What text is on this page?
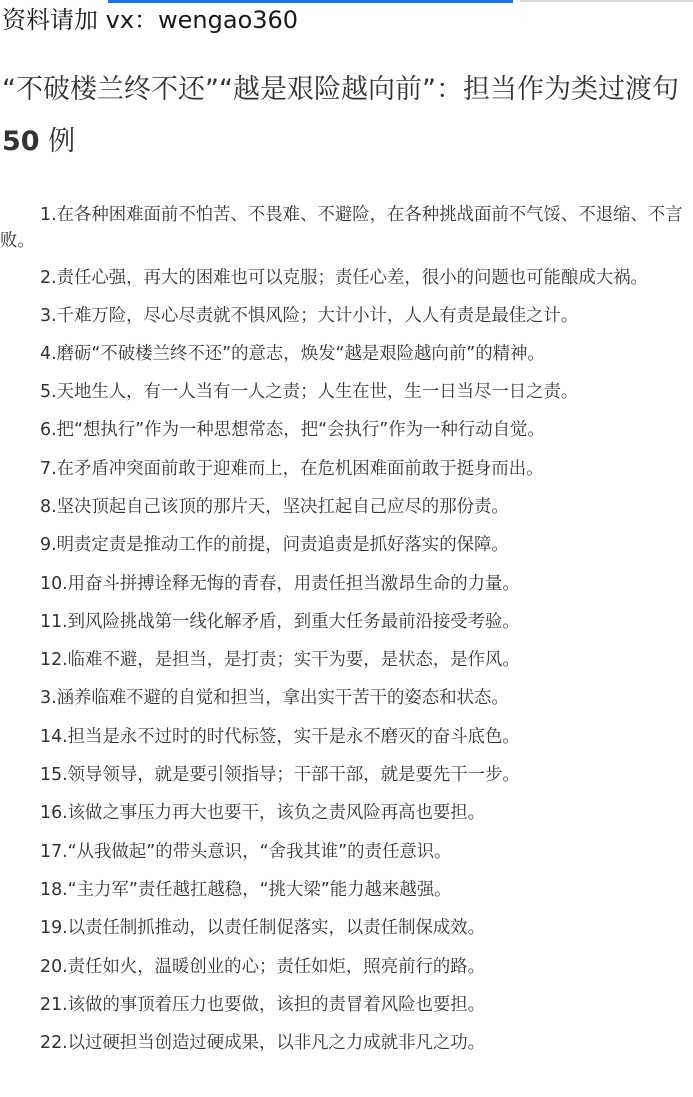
资料请加 vx：wengao360
“不破楼兰终不还”“越是艰险越向前”：担当作为类过渡句50 例

1.在各种困难面前不怕苦、不畏难、不避险，在各种挑战面前不气馁、不退缩、不言败。

2.责任心强，再大的困难也可以克服；责任心差，很小的问题也可能酿成大祸。

3.千难万险，尽心尽责就不惧风险；大计小计，人人有责是最佳之计。

4.磨砺“不破楼兰终不还”的意志，焕发“越是艰险越向前”的精神。

5.天地生人，有一人当有一人之责；人生在世，生一日当尽一日之责。

6.把“想执行”作为一种思想常态，把“会执行”作为一种行动自觉。

7.在矛盾冲突面前敢于迎难而上，在危机困难面前敢于挺身而出。

8.坚决顶起自己该顶的那片天，坚决扛起自己应尽的那份责。

9.明责定责是推动工作的前提，问责追责是抓好落实的保障。

10.用奋斗拼搏诠释无悔的青春，用责任担当激昂生命的力量。

11.到风险挑战第一线化解矛盾，到重大任务最前沿接受考验。

12.临难不避，是担当，是打责；实干为要，是状态，是作风。

3.涵养临难不避的自觉和担当，拿出实干苦干的姿态和状态。

14.担当是永不过时的时代标签，实干是永不磨灭的奋斗底色。

15.领导领导，就是要引领指导；干部干部，就是要先干一步。

16.该做之事压力再大也要干，该负之责风险再高也要担。

17.“从我做起”的带头意识，“舍我其谁”的责任意识。

18.“主力军”责任越扛越稳，“挑大梁”能力越来越强。

19.以责任制抓推动，以责任制促落实，以责任制保成效。

20.责任如火，温暖创业的心；责任如炬，照亮前行的路。

21.该做的事顶着压力也要做，该担的责冒着风险也要担。

22.以过硬担当创造过硬成果，以非凡之力成就非凡之功。
